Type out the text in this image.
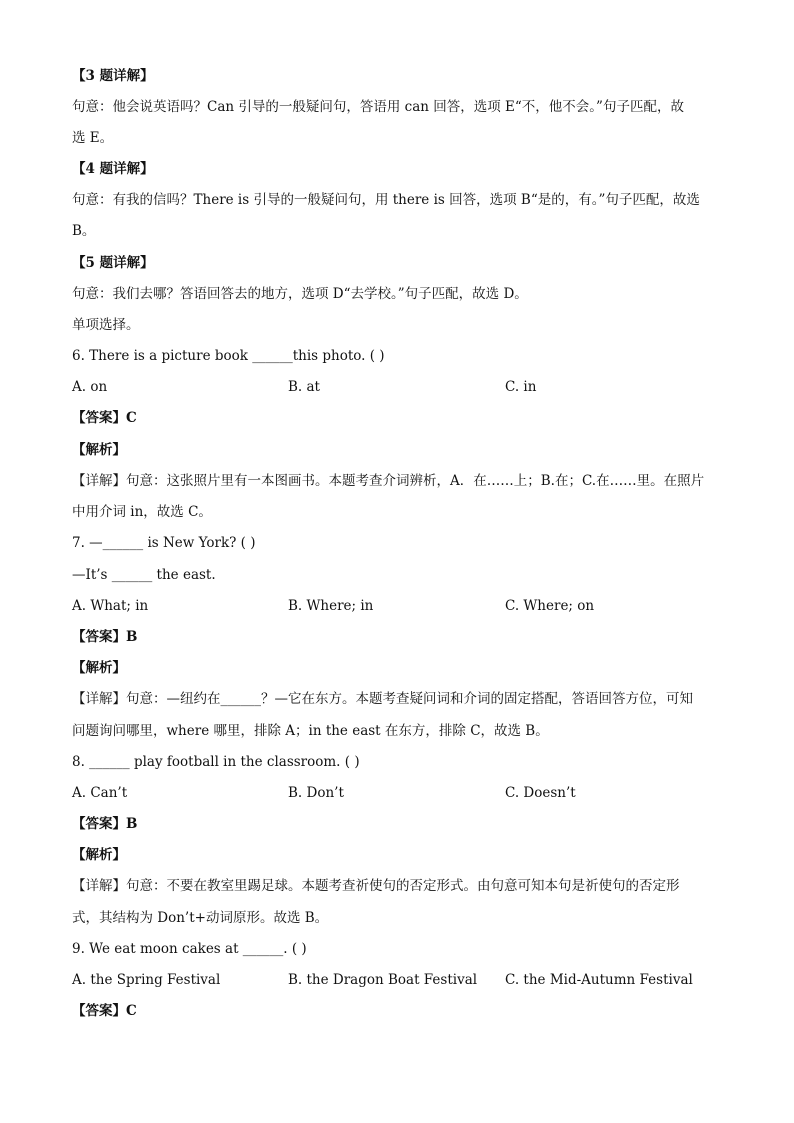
【3 题详解】
句意：他会说英语吗？Can 引导的一般疑问句，答语用 can 回答，选项 E“不，他不会。”句子匹配，故
选 E。
【4 题详解】
句意：有我的信吗？There is 引导的一般疑问句，用 there is 回答，选项 B“是的，有。”句子匹配，故选
B。
【5 题详解】
句意：我们去哪？答语回答去的地方，选项 D“去学校。”句子匹配，故选 D。
单项选择。
6. There is a picture book ______this photo. ( )
A. on	B. at	C. in
【答案】C
【解析】
【详解】句意：这张照片里有一本图画书。本题考查介词辨析，A．在……上；B.在；C.在……里。在照片
中用介词 in，故选 C。
7. —______ is New York? ( )
—It’s ______ the east.
A. What; in	B. Where; in	C. Where; on
【答案】B
【解析】
【详解】句意：—纽约在______？—它在东方。本题考查疑问词和介词的固定搭配，答语回答方位，可知
问题询问哪里，where 哪里，排除 A；in the east 在东方，排除 C，故选 B。
8. ______ play football in the classroom. ( )
A. Can’t	B. Don’t	C. Doesn’t
【答案】B
【解析】
【详解】句意：不要在教室里踢足球。本题考查祈使句的否定形式。由句意可知本句是祈使句的否定形
式，其结构为 Don’t+动词原形。故选 B。
9. We eat moon cakes at ______. ( )
A. the Spring Festival	B. the Dragon Boat Festival C. the Mid-Autumn Festival
【答案】C
